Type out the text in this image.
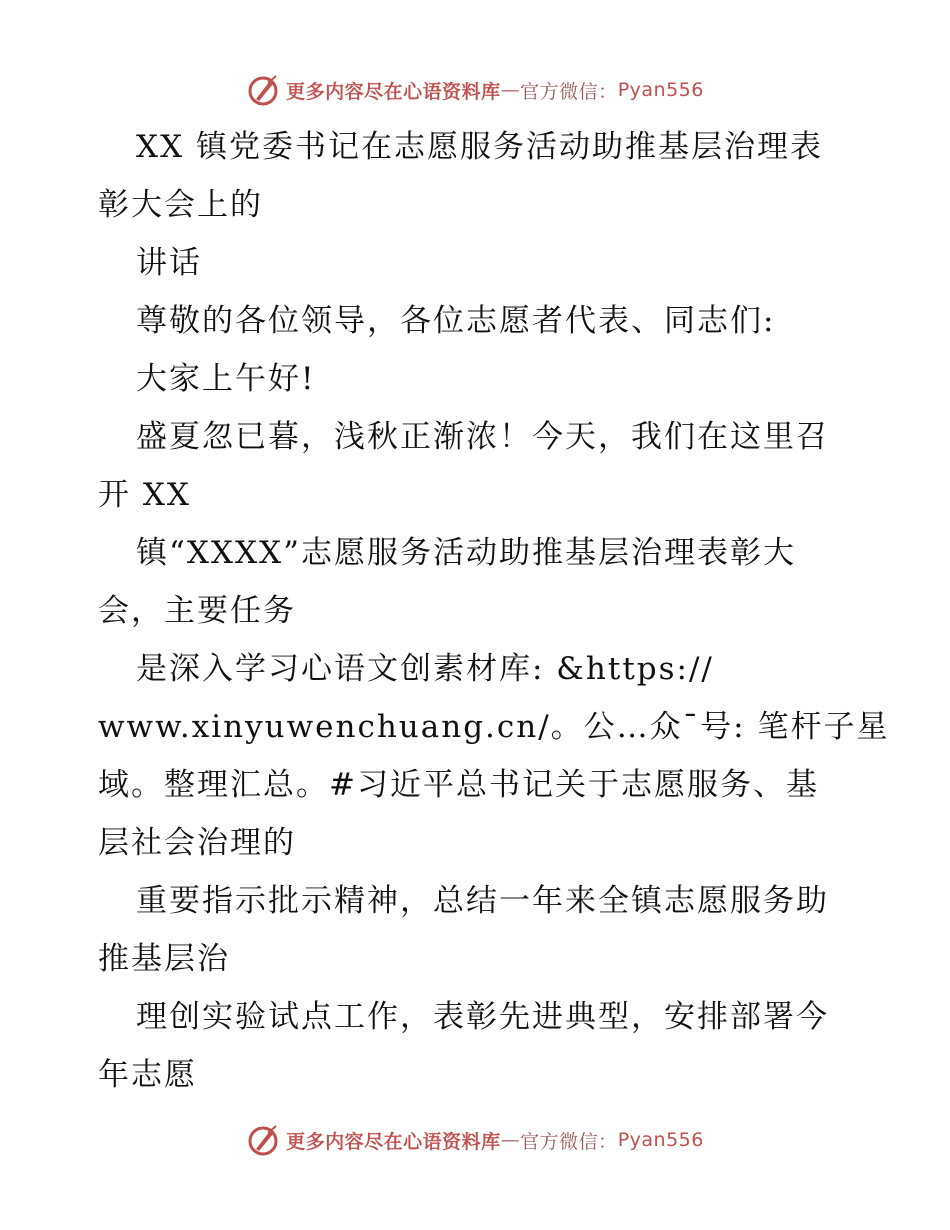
更多内容尽在心语资料库 — 官方微信： Pyan556
XX 镇党委书记在志愿服务活动助推基层治理表
彰大会上的
讲话
尊敬的各位领导，各位志愿者代表、同志们:
大家上午好!
盛夏忽已暮，浅秋正渐浓！今天，我们在这里召
开 XX
镇“XXXX”志愿服务活动助推基层治理表彰大
会，主要任务
是深入学习心语文创素材库: &https://
www.xinyuwenchuang.cn/。公…众¯号: 笔杆子星
域。整理汇总。#习近平总书记关于志愿服务、基
层社会治理的
重要指示批示精神，总结一年来全镇志愿服务助
推基层治
理创实验试点工作，表彰先进典型，安排部署今
年志愿
更多内容尽在心语资料库 — 官方微信： Pyan556
